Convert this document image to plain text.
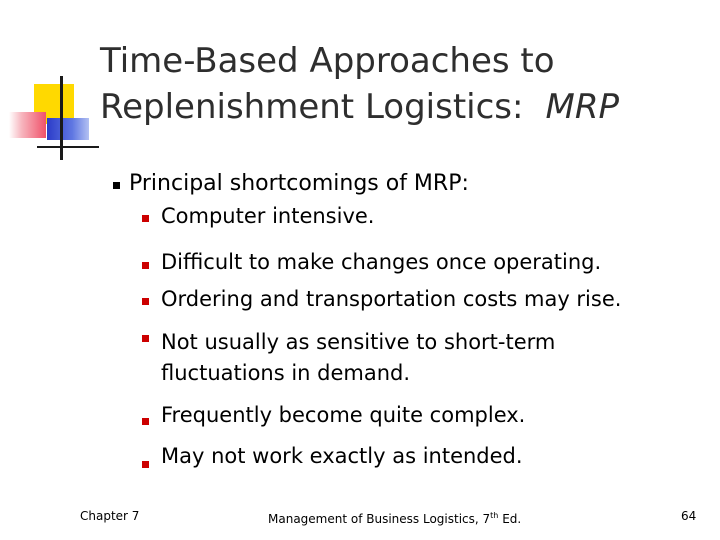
Time-Based Approaches to
Replenishment Logistics: MRP
Principal shortcomings of MRP:
Computer intensive.
Difficult to make changes once operating.
Ordering and transportation costs may rise.
Not usually as sensitive to short-term
fluctuations in demand.
Frequently become quite complex.
May not work exactly as intended.
Chapter 7	Management of Business Logistics, 7th Ed.	64
